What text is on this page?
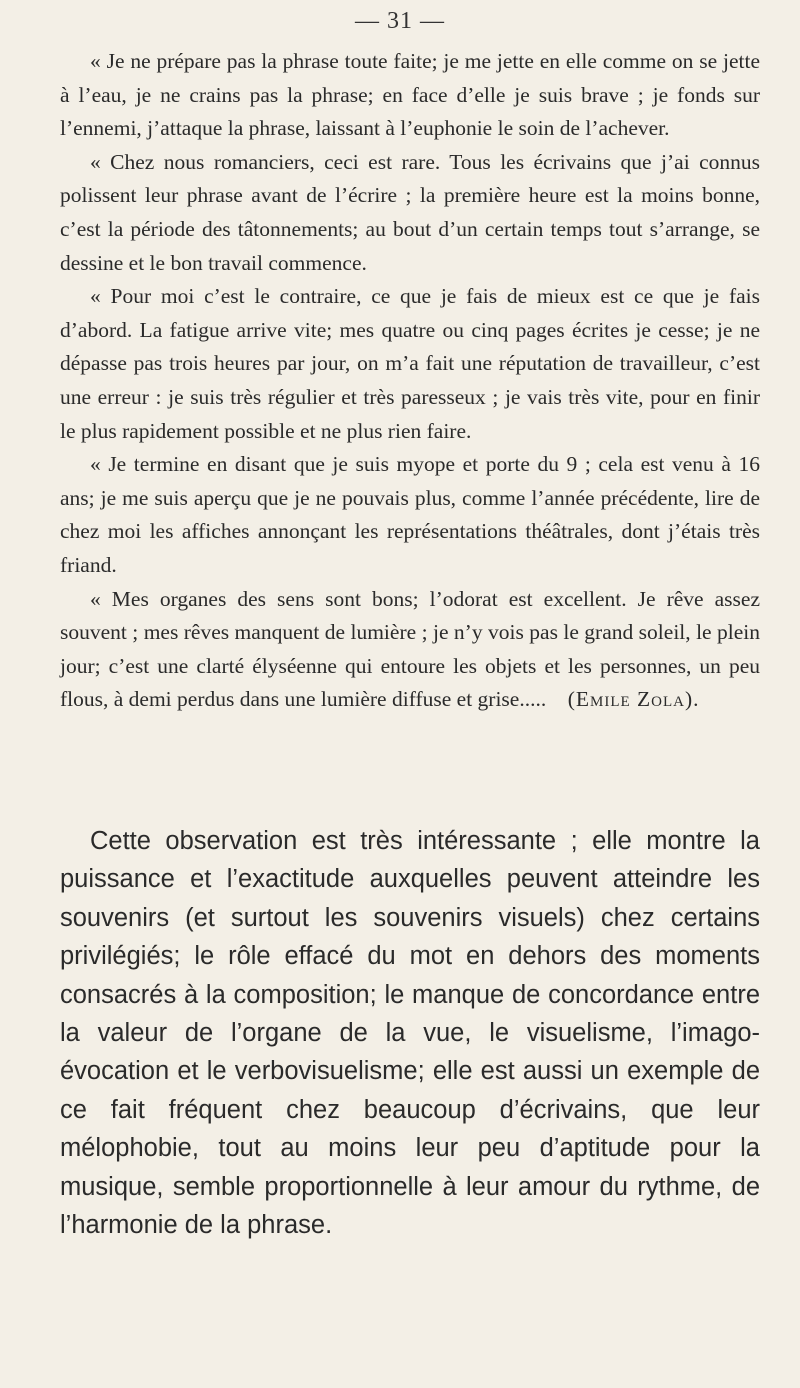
— 31 —

« Je ne prépare pas la phrase toute faite; je me jette en elle comme on se jette à l’eau, je ne crains pas la phrase; en face d’elle je suis brave ; je fonds sur l’ennemi, j’attaque la phrase, laissant à l’euphonie le soin de l’achever.

« Chez nous romanciers, ceci est rare. Tous les écrivains que j’ai connus polissent leur phrase avant de l’écrire ; la première heure est la moins bonne, c’est la période des tâtonnements; au bout d’un certain temps tout s’arrange, se dessine et le bon travail commence.

« Pour moi c’est le contraire, ce que je fais de mieux est ce que je fais d’abord. La fatigue arrive vite; mes quatre ou cinq pages écrites je cesse; je ne dépasse pas trois heures par jour, on m’a fait une réputation de travailleur, c’est une erreur : je suis très régulier et très paresseux ; je vais très vite, pour en finir le plus rapidement possible et ne plus rien faire.

« Je termine en disant que je suis myope et porte du 9 ; cela est venu à 16 ans; je me suis aperçu que je ne pouvais plus, comme l’année précédente, lire de chez moi les affiches annonçant les représentations théâtrales, dont j’étais très friand.

« Mes organes des sens sont bons; l’odorat est excellent. Je rêve assez souvent ; mes rêves manquent de lumière ; je n’y vois pas le grand soleil, le plein jour; c’est une clarté élyséenne qui entoure les objets et les personnes, un peu flous, à demi perdus dans une lumière diffuse et grise..... (Emile Zola).

Cette observation est très intéressante ; elle montre la puissance et l’exactitude auxquelles peuvent atteindre les souvenirs (et surtout les souvenirs visuels) chez certains privilégiés; le rôle effacé du mot en dehors des moments consacrés à la composition; le manque de concordance entre la valeur de l’organe de la vue, le visuelisme, l’imago-évocation et le verbovisuelisme; elle est aussi un exemple de ce fait fréquent chez beaucoup d’écrivains, que leur mélophobie, tout au moins leur peu d’aptitude pour la musique, semble proportionnelle à leur amour du rythme, de l’harmonie de la phrase.
